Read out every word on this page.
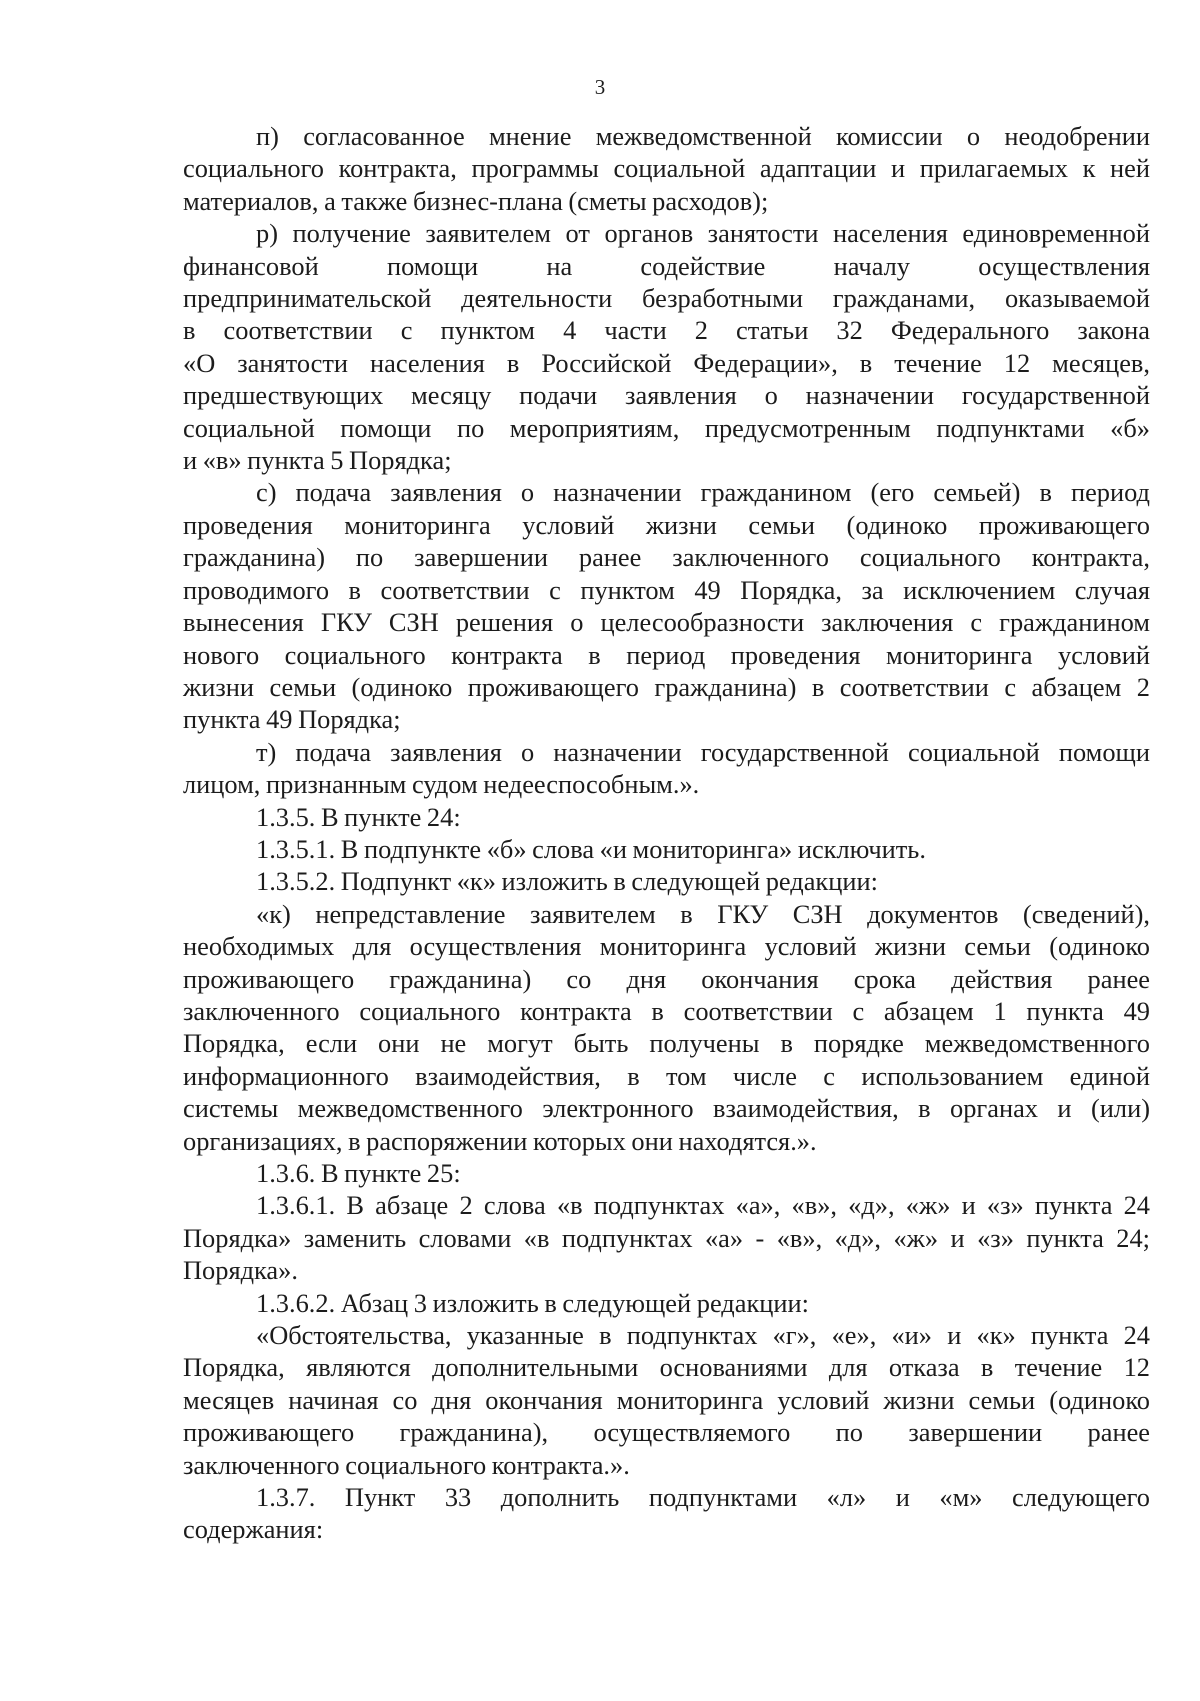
3

п) согласованное мнение межведомственной комиссии о неодобрении
социального контракта, программы социальной адаптации и прилагаемых к ней
материалов, а также бизнес-плана (сметы расходов);

р) получение заявителем от органов занятости населения единовременной
финансовой помощи на содействие началу осуществления
предпринимательской деятельности безработными гражданами, оказываемой
в соответствии с пунктом 4 части 2 статьи 32 Федерального закона
«О занятости населения в Российской Федерации», в течение 12 месяцев,
предшествующих месяцу подачи заявления о назначении государственной
социальной помощи по мероприятиям, предусмотренным подпунктами «б»
и «в» пункта 5 Порядка;

с) подача заявления о назначении гражданином (его семьей) в период
проведения мониторинга условий жизни семьи (одиноко проживающего
гражданина) по завершении ранее заключенного социального контракта,
проводимого в соответствии с пунктом 49 Порядка, за исключением случая
вынесения ГКУ СЗН решения о целесообразности заключения с гражданином
нового социального контракта в период проведения мониторинга условий
жизни семьи (одиноко проживающего гражданина) в соответствии с абзацем 2
пункта 49 Порядка;

т) подача заявления о назначении государственной социальной помощи
лицом, признанным судом недееспособным.».

1.3.5. В пункте 24:

1.3.5.1. В подпункте «б» слова «и мониторинга» исключить.

1.3.5.2. Подпункт «к» изложить в следующей редакции:

«к) непредставление заявителем в ГКУ СЗН документов (сведений),
необходимых для осуществления мониторинга условий жизни семьи (одиноко
проживающего гражданина) со дня окончания срока действия ранее
заключенного социального контракта в соответствии с абзацем 1 пункта 49
Порядка, если они не могут быть получены в порядке межведомственного
информационного взаимодействия, в том числе с использованием единой
системы межведомственного электронного взаимодействия, в органах и (или)
организациях, в распоряжении которых они находятся.».

1.3.6. В пункте 25:

1.3.6.1. В абзаце 2 слова «в подпунктах «а», «в», «д», «ж» и «з» пункта 24
Порядка» заменить словами «в подпунктах «а» - «в», «д», «ж» и «з» пункта 24;
Порядка».

1.3.6.2. Абзац 3 изложить в следующей редакции:

«Обстоятельства, указанные в подпунктах «г», «е», «и» и «к» пункта 24
Порядка, являются дополнительными основаниями для отказа в течение 12
месяцев начиная со дня окончания мониторинга условий жизни семьи (одиноко
проживающего гражданина), осуществляемого по завершении ранее
заключенного социального контракта.».

1.3.7. Пункт 33 дополнить подпунктами «л» и «м» следующего
содержания:
